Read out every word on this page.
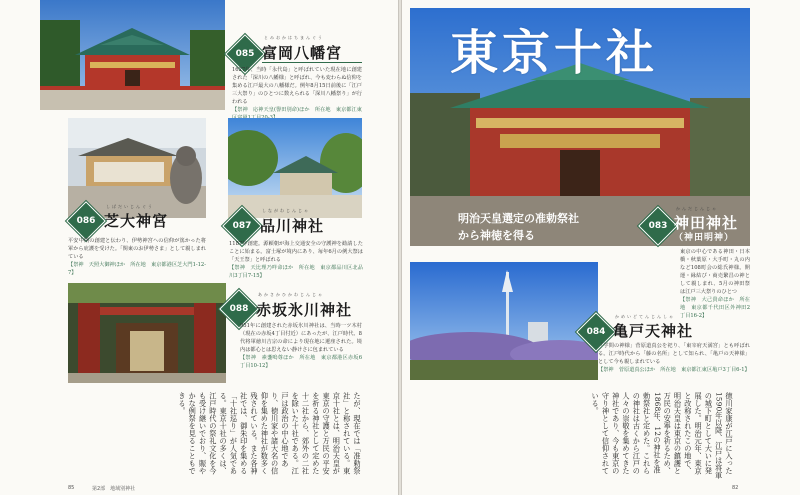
085
とみおかはちまんぐう
富岡八幡宮
1627年、当時「永代島」と呼ばれていた現在地に創建された「深川の八幡様」と呼ばれ、今も変わらぬ信仰を集める江戸最大の八幡様だ。例年8月15日前後に「江戸三大祭り」のひとつに数えられる「深川八幡祭り」が行われる
【祭神　応神天皇(譽田別命)ほか　所在地　東京都江東
086
しばだいじんぐう
芝大神宮
平安中期の創建と伝わり、伊勢神宮への信仰が篤かった将軍から庇護を受けた。「関東のお伊勢さま」として親しまれている
【祭神　天照大御神ほか　所在地　東京都港区芝大門1-12-7】
087
しながわじんじゃ
品川神社
1187年創建。源頼朝が海上交通安全の守護神を勧請したことに始まる。富士塚が境内にあり、毎年6月の例大祭は「天王祭」と呼ばれる
【祭神　天比理乃咩命ほか　所在地　東京都品川区北品川3丁目7-15】
088
あかさかひかわじんじゃ
赤坂氷川神社
951年に創建された赤坂氷川神社は、当時一ツ木村（現在の赤坂4丁目付近）にあったが、江戸時代、8代将軍徳川吉宗の命により現在地に遷座された。境内は都心とは思えない静けさに包まれている
【祭神　素盞嗚尊ほか　所在地　東京都港区赤坂6丁目10-12】
たが、現在では「准勅祭社」と称されている。東京十社とは、明治天皇が東京の守護と万民の平安を祈る神社として定めた十二社から、郊外の二社を除いた十社である。江戸は政治の中心地であり、徳川家や諸大名の信仰を集めた神社が数多く残されている。また各神社では、御朱印を集める「十社巡り」が人気である。東京十社の多くは、江戸時代の祭礼文化を今も受け継いでおり、賑やかな例祭を見ることもできる。
85	第2部　地域別神社
東京十社
明治天皇選定の准勅祭社
から神徳を得る
083
かんだじんじゃ
神田神社
（神田明神）
東京の中心である神田・日本橋・秋葉原・大手町・丸の内など108町会の総氏神様。開運・縁結び・商売繁昌の神として親しまれ、5月の神田祭は江戸三大祭りのひとつ
【祭神　大己貴命ほか　所在地　東京都千代田区外神田2丁目16-2】
084
かめいどてんじんしゃ
亀戸天神社
「学問の神様」菅原道真公を祀り、「東宰府天満宮」とも呼ばれる。江戸時代から「藤の名所」として知られ、「亀戸の天神様」として今も親しまれている
【祭神　菅原道真公ほか　所在地　東京都江東区亀戸3丁目6-1】
徳川家康が江戸に入った1590年以降、江戸は将軍の城下町として大いに発展した。明治元年、東京と改称されたこの地で、明治天皇は東京の鎮護と万民の安寧を祈るため、1868年、12の神社を准勅祭社と定めた。これらの神社は古くから江戸の人々の崇敬を集めてきた神社であり、今も東京の守り神として信仰されている。
82
